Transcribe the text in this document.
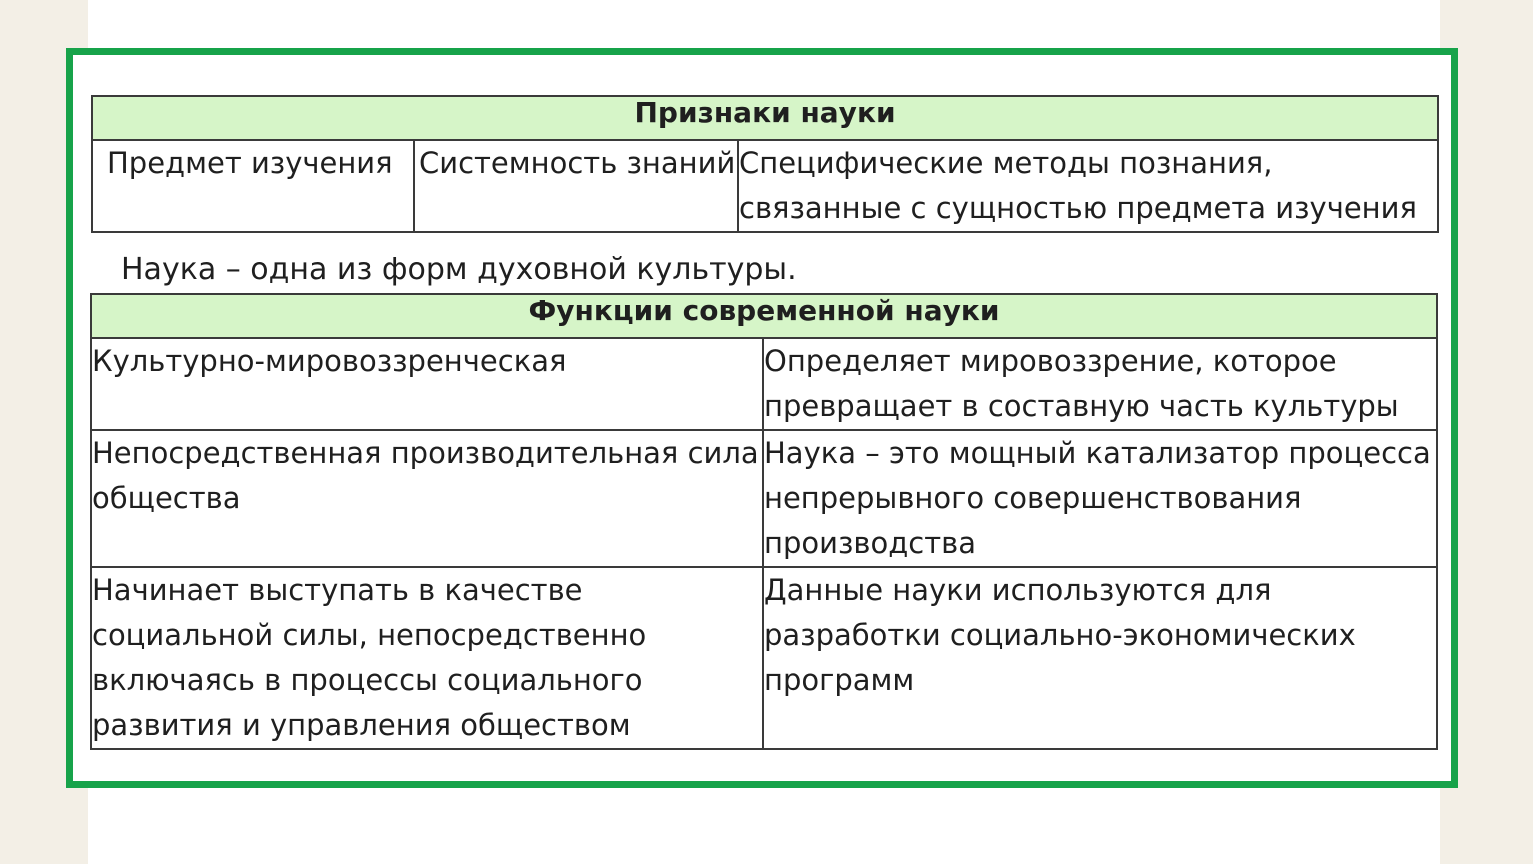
Признаки науки
Предмет изучения	Системность знаний	Специфические методы познания, связанные с сущностью предмета изучения
Наука – одна из форм духовной культуры.
Функции современной науки	
Культурно-мировоззренческая	Определяет мировоззрение, которое превращает в составную часть культуры
Непосредственная производительная сила общества	Наука – это мощный катализатор процесса непрерывного совершенствования производства
Начинает выступать в качестве социальной силы, непосредственно включаясь в процессы социального развития и управления обществом	Данные науки используются для разработки социально-экономических программ
